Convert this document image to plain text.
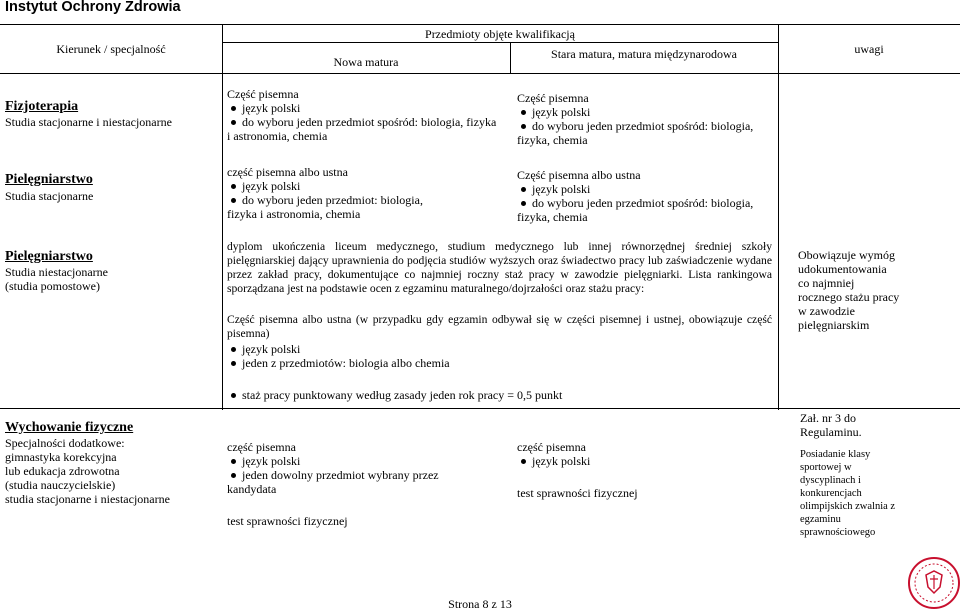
Instytut Ochrony Zdrowia
Kierunek / specjalność
Przedmioty objęte kwalifikacją
Nowa matura
Stara matura, matura międzynarodowa	uwagi
Fizjoterapia
Studia stacjonarne i niestacjonarne
Część pisemna
język polski
do wyboru jeden przedmiot spośród: biologia, fizyka
i astronomia, chemia
Część pisemna
język polski
do wyboru jeden przedmiot spośród: biologia,
fizyka, chemia
Pielęgniarstwo
Studia stacjonarne
część pisemna albo ustna
język polski
do wyboru jeden przedmiot: biologia,
fizyka i astronomia, chemia
Część pisemna albo ustna
język polski
do wyboru jeden przedmiot spośród: biologia,
fizyka, chemia
Pielęgniarstwo
Studia niestacjonarne
(studia pomostowe)
dyplom ukończenia liceum medycznego, studium medycznego lub innej równorzędnej średniej szkoły pielęgniarskiej dający uprawnienia do podjęcia studiów wyższych oraz świadectwo pracy lub zaświadczenie wydane przez zakład pracy, dokumentujące co najmniej roczny staż pracy w zawodzie pielęgniarki. Lista rankingowa sporządzana jest na podstawie ocen z egzaminu maturalnego/dojrzałości oraz stażu pracy:
Część pisemna albo ustna (w przypadku gdy egzamin odbywał się w części pisemnej i ustnej, obowiązuje część pisemna)
język polski
jeden z przedmiotów: biologia albo chemia
staż pracy punktowany według zasady jeden rok pracy = 0,5 punkt
Obowiązuje wymóg
udokumentowania
co najmniej
rocznego stażu pracy
w zawodzie
pielęgniarskim
Wychowanie fizyczne
Specjalności dodatkowe:
gimnastyka korekcyjna
lub edukacja zdrowotna
(studia nauczycielskie)
studia stacjonarne i niestacjonarne
część pisemna
język polski
jeden dowolny przedmiot wybrany przez
kandydata
test sprawności fizycznej
część pisemna
język polski
test sprawności fizycznej
Zał. nr 3 do
Regulaminu.
Posiadanie klasy
sportowej w
dyscyplinach i
konkurencjach
olimpijskich zwalnia z
egzaminu
sprawnościowego
Strona 8 z 13
